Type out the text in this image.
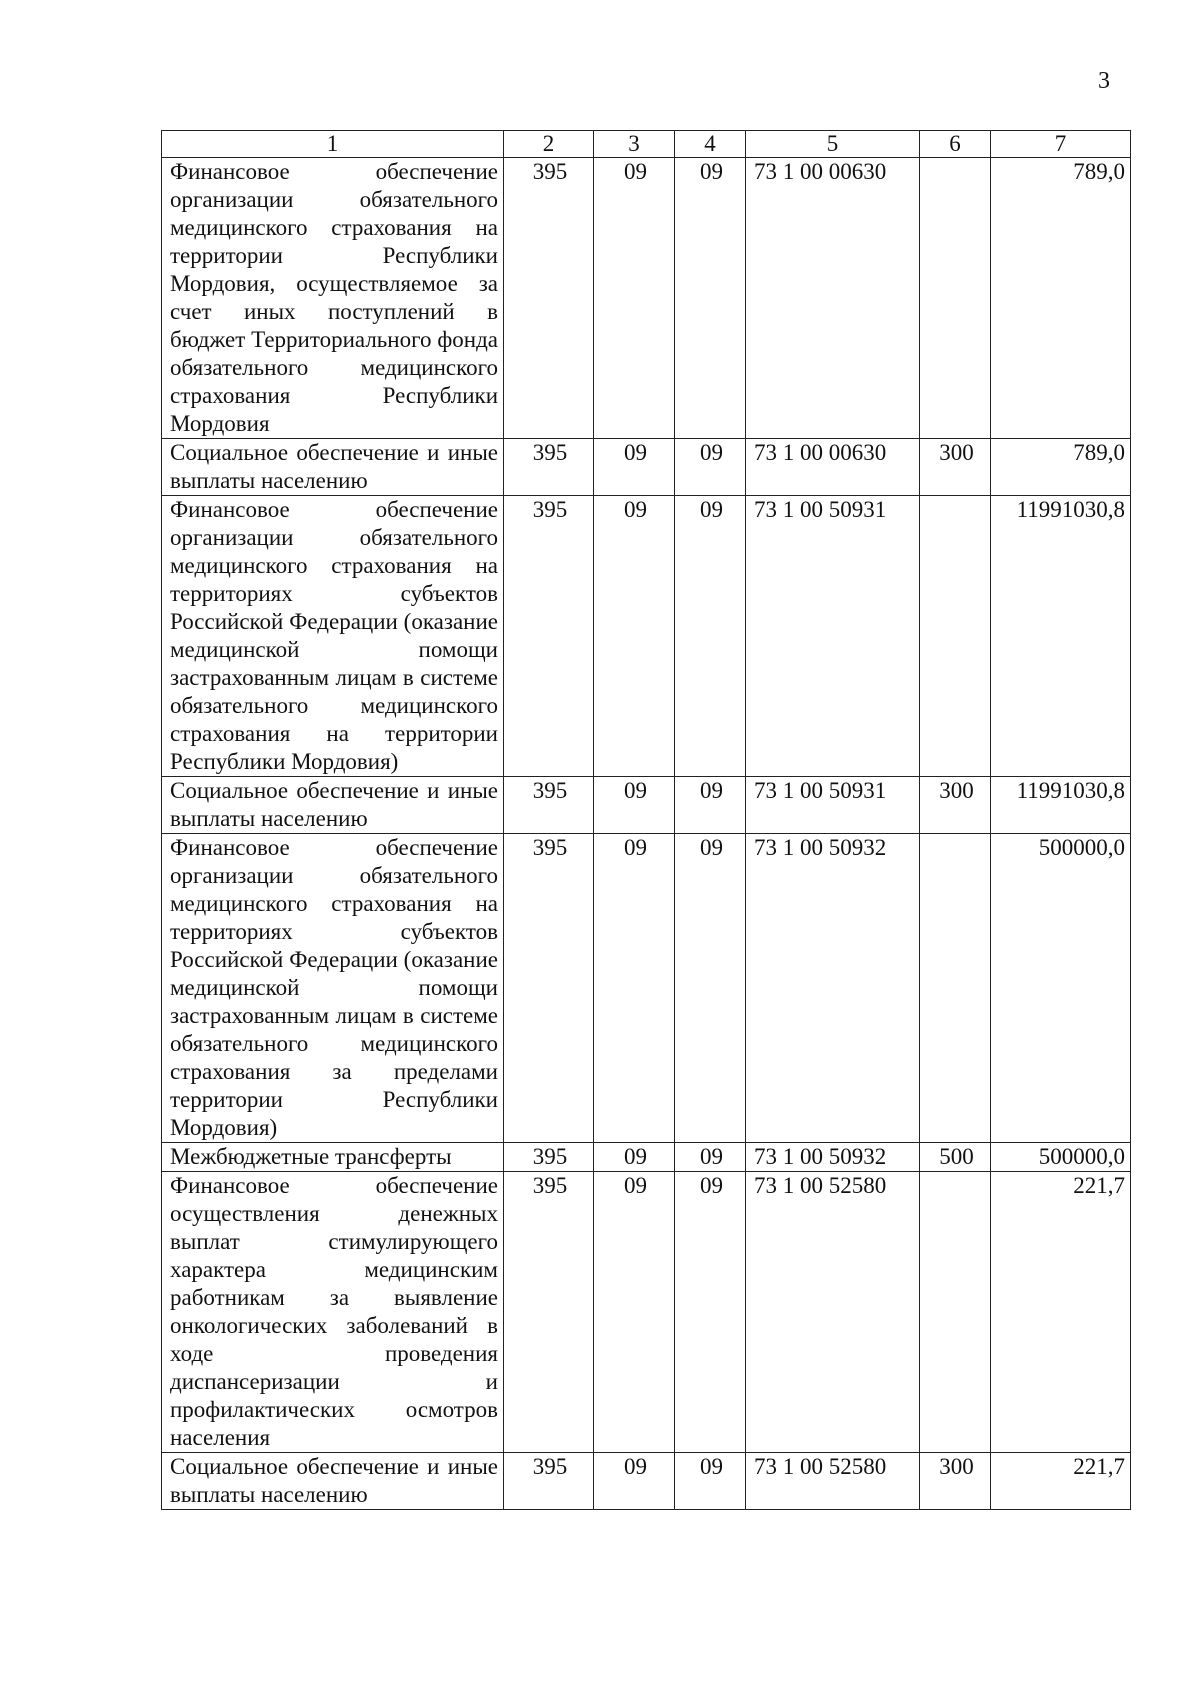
3
1	2	3	4	5	6	7
Финансовое обеспечение организации обязательного медицинского страхования на территории Республики Мордовия, осуществляемое за счет иных поступлений в бюджет Территориального фонда обязательного медицинского страхования Республики Мордовия	395	09	09	73 1 00 00630		789,0
Социальное обеспечение и иные выплаты населению	395	09	09	73 1 00 00630	300	789,0
Финансовое обеспечение организации обязательного медицинского страхования на территориях субъектов Российской Федерации (оказание медицинской помощи застрахованным лицам в системе обязательного медицинского страхования на территории Республики Мордовия)	395	09	09	73 1 00 50931		11991030,8
Социальное обеспечение и иные выплаты населению	395	09	09	73 1 00 50931	300	11991030,8
Финансовое обеспечение организации обязательного медицинского страхования на территориях субъектов Российской Федерации (оказание медицинской помощи застрахованным лицам в системе обязательного медицинского страхования за пределами территории Республики Мордовия)	395	09	09	73 1 00 50932		500000,0
Межбюджетные трансферты	395	09	09	73 1 00 50932	500	500000,0
Финансовое обеспечение осуществления денежных выплат стимулирующего характера медицинским работникам за выявление онкологических заболеваний в ходе проведения диспансеризации и профилактических осмотров населения	395	09	09	73 1 00 52580		221,7
Социальное обеспечение и иные выплаты населению	395	09	09	73 1 00 52580	300	221,7
